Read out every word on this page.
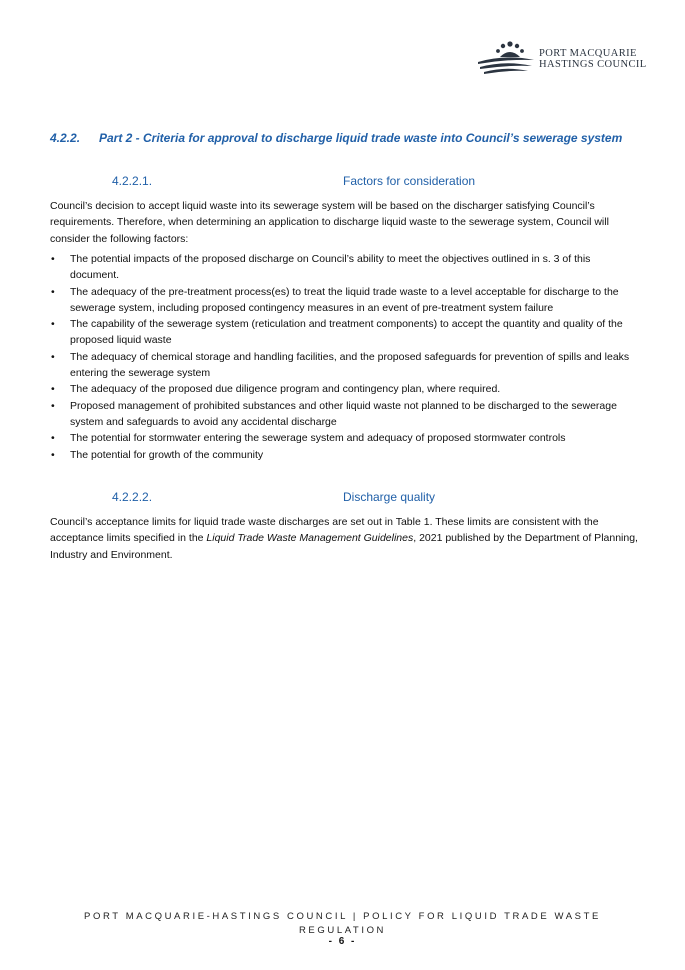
PORT MACQUARIE
HASTINGS COUNCIL
4.2.2. Part 2 - Criteria for approval to discharge liquid trade waste into Council’s sewerage system
4.2.2.1.	Factors for consideration
Council’s decision to accept liquid waste into its sewerage system will be based on the discharger satisfying Council’s requirements. Therefore, when determining an application to discharge liquid waste to the sewerage system, Council will consider the following factors:
• The potential impacts of the proposed discharge on Council’s ability to meet the objectives outlined in s. 3 of this document.
• The adequacy of the pre-treatment process(es) to treat the liquid trade waste to a level acceptable for discharge to the sewerage system, including proposed contingency measures in an event of pre-treatment system failure
• The capability of the sewerage system (reticulation and treatment components) to accept the quantity and quality of the proposed liquid waste
• The adequacy of chemical storage and handling facilities, and the proposed safeguards for prevention of spills and leaks entering the sewerage system
• The adequacy of the proposed due diligence program and contingency plan, where required.
• Proposed management of prohibited substances and other liquid waste not planned to be discharged to the sewerage system and safeguards to avoid any accidental discharge
• The potential for stormwater entering the sewerage system and adequacy of proposed stormwater controls
• The potential for growth of the community
4.2.2.2.	Discharge quality
Council’s acceptance limits for liquid trade waste discharges are set out in Table 1. These limits are consistent with the acceptance limits specified in the Liquid Trade Waste Management Guidelines, 2021 published by the Department of Planning, Industry and Environment.
PORT MACQUARIE-HASTINGS COUNCIL | POLICY FOR LIQUID TRADE WASTE REGULATION
- 6 -
